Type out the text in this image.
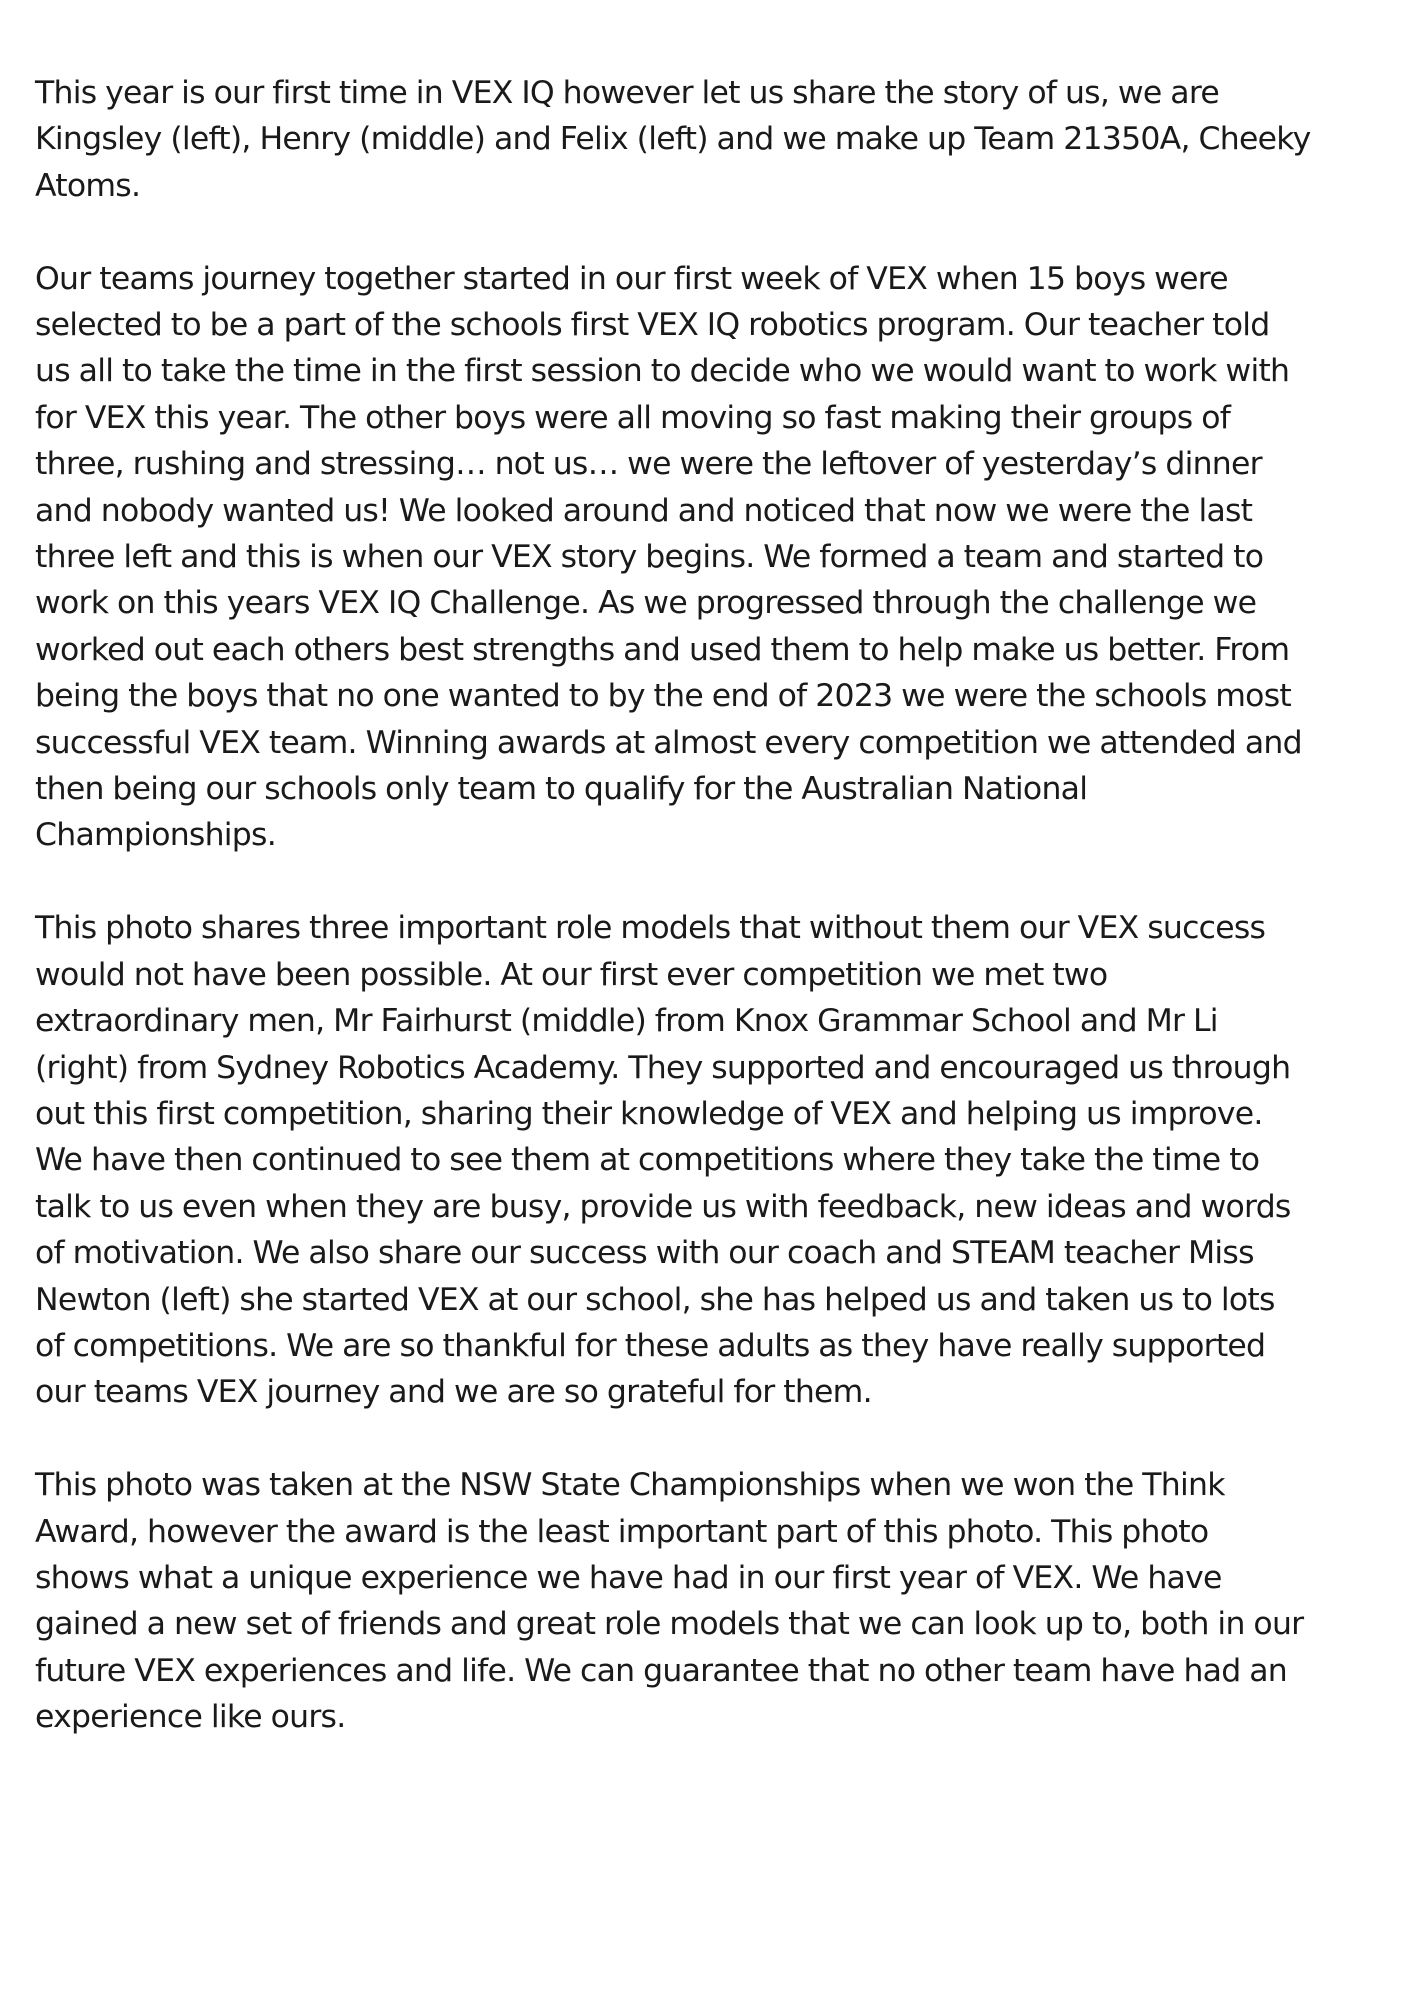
This year is our first time in VEX IQ however let us share the story of us, we are
Kingsley (left), Henry (middle) and Felix (left) and we make up Team 21350A, Cheeky
Atoms.

Our teams journey together started in our first week of VEX when 15 boys were
selected to be a part of the schools first VEX IQ robotics program. Our teacher told
us all to take the time in the first session to decide who we would want to work with
for VEX this year. The other boys were all moving so fast making their groups of
three, rushing and stressing… not us… we were the leftover of yesterday’s dinner
and nobody wanted us! We looked around and noticed that now we were the last
three left and this is when our VEX story begins. We formed a team and started to
work on this years VEX IQ Challenge. As we progressed through the challenge we
worked out each others best strengths and used them to help make us better. From
being the boys that no one wanted to by the end of 2023 we were the schools most
successful VEX team. Winning awards at almost every competition we attended and
then being our schools only team to qualify for the Australian National
Championships.

This photo shares three important role models that without them our VEX success
would not have been possible. At our first ever competition we met two
extraordinary men, Mr Fairhurst (middle) from Knox Grammar School and Mr Li
(right) from Sydney Robotics Academy. They supported and encouraged us through
out this first competition, sharing their knowledge of VEX and helping us improve.
We have then continued to see them at competitions where they take the time to
talk to us even when they are busy, provide us with feedback, new ideas and words
of motivation. We also share our success with our coach and STEAM teacher Miss
Newton (left) she started VEX at our school, she has helped us and taken us to lots
of competitions. We are so thankful for these adults as they have really supported
our teams VEX journey and we are so grateful for them.

This photo was taken at the NSW State Championships when we won the Think
Award, however the award is the least important part of this photo. This photo
shows what a unique experience we have had in our first year of VEX. We have
gained a new set of friends and great role models that we can look up to, both in our
future VEX experiences and life. We can guarantee that no other team have had an
experience like ours.
